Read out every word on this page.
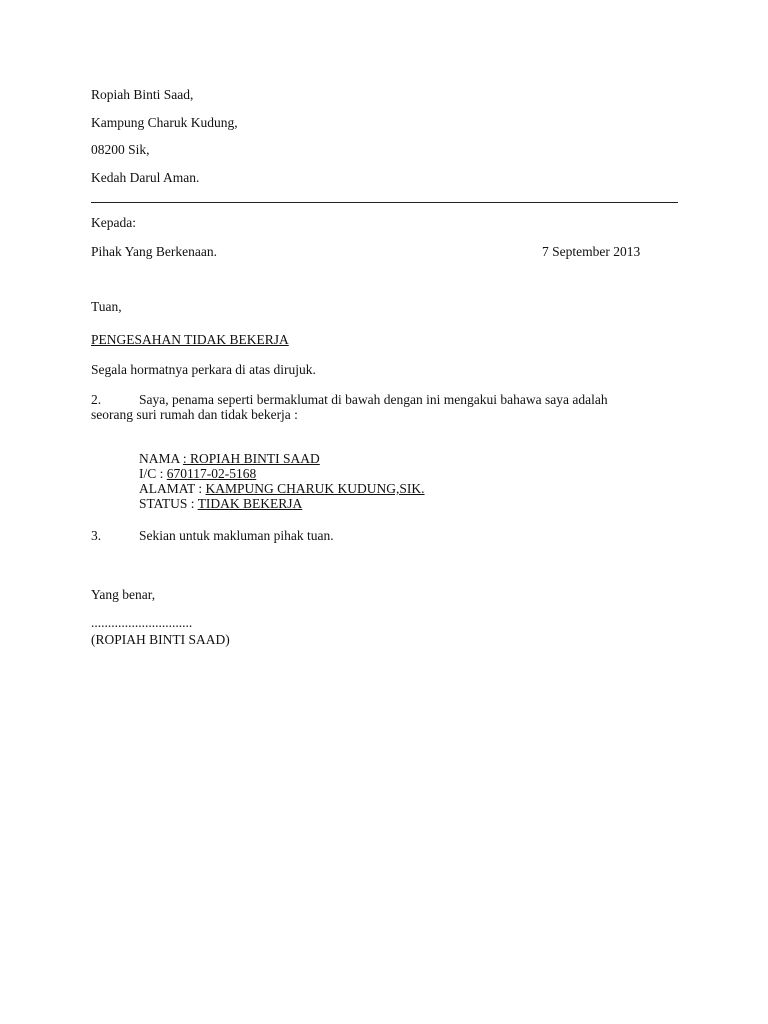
Ropiah Binti Saad,
Kampung Charuk Kudung,
08200 Sik,
Kedah Darul Aman.
Kepada:
Pihak Yang Berkenaan.	7 September 2013
Tuan,
PENGESAHAN TIDAK BEKERJA
Segala hormatnya perkara di atas dirujuk.
2.	Saya, penama seperti bermaklumat di bawah dengan ini mengakui bahawa saya adalah
seorang suri rumah dan tidak bekerja :
NAMA : ROPIAH BINTI SAAD
I/C : 670117-02-5168
ALAMAT : KAMPUNG CHARUK KUDUNG,SIK.
STATUS : TIDAK BEKERJA
3.	Sekian untuk makluman pihak tuan.
Yang benar,
..............................
(ROPIAH BINTI SAAD)
